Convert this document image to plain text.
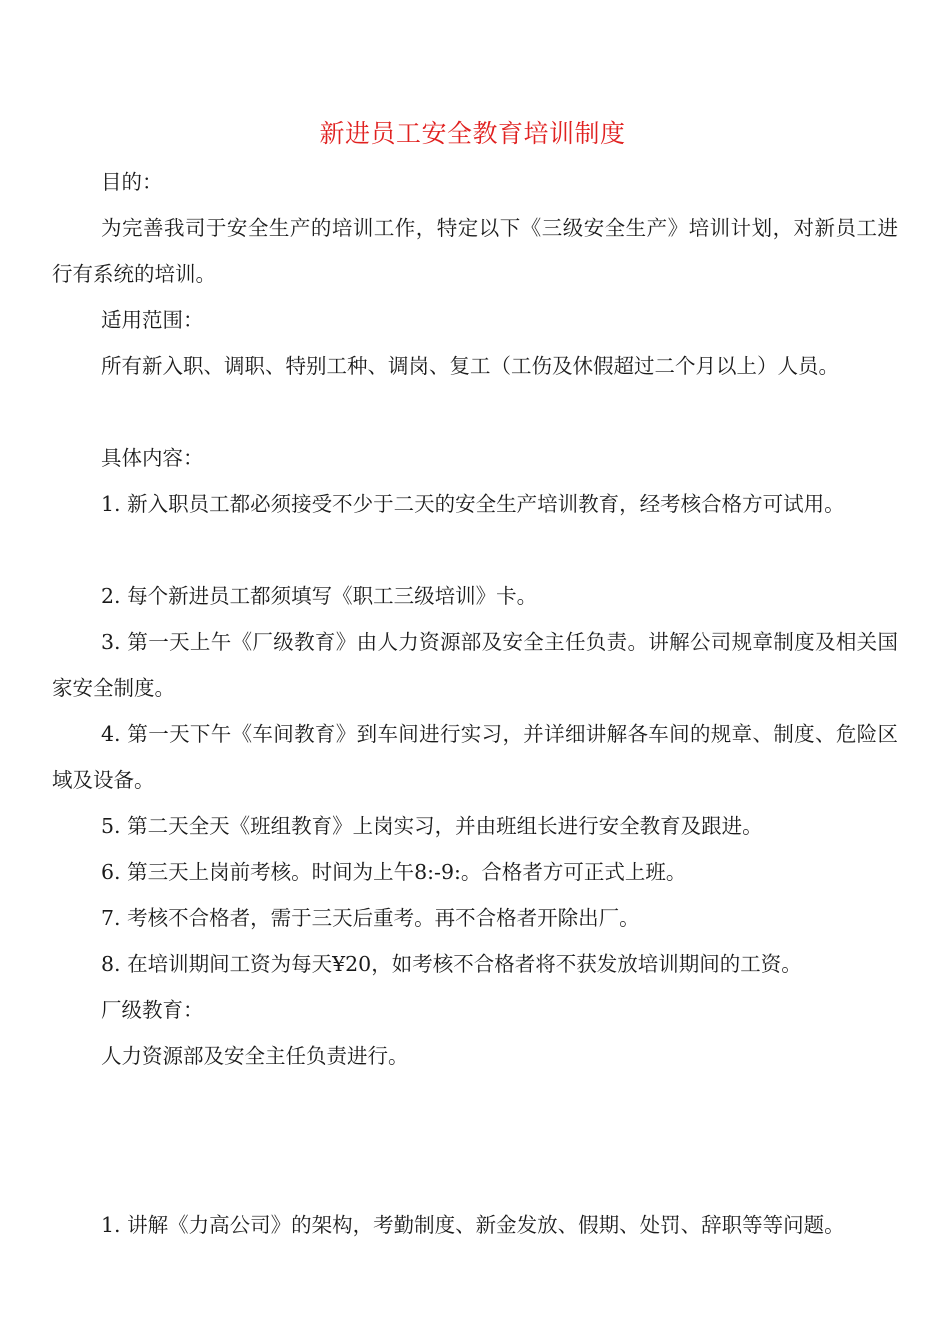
新进员工安全教育培训制度

目的：

为完善我司于安全生产的培训工作，特定以下《三级安全生产》培训计划，对新员工进行有系统的培训。

适用范围：

所有新入职、调职、特别工种、调岗、复工（工伤及休假超过二个月以上）人员。

具体内容：

1. 新入职员工都必须接受不少于二天的安全生产培训教育，经考核合格方可试用。

2. 每个新进员工都须填写《职工三级培训》卡。

3. 第一天上午《厂级教育》由人力资源部及安全主任负责。讲解公司规章制度及相关国家安全制度。

4. 第一天下午《车间教育》到车间进行实习，并详细讲解各车间的规章、制度、危险区域及设备。

5. 第二天全天《班组教育》上岗实习，并由班组长进行安全教育及跟进。

6. 第三天上岗前考核。时间为上午8:-9:。合格者方可正式上班。

7. 考核不合格者，需于三天后重考。再不合格者开除出厂。

8. 在培训期间工资为每天¥20，如考核不合格者将不获发放培训期间的工资。

厂级教育：

人力资源部及安全主任负责进行。

1. 讲解《力高公司》的架构，考勤制度、新金发放、假期、处罚、辞职等等问题。
